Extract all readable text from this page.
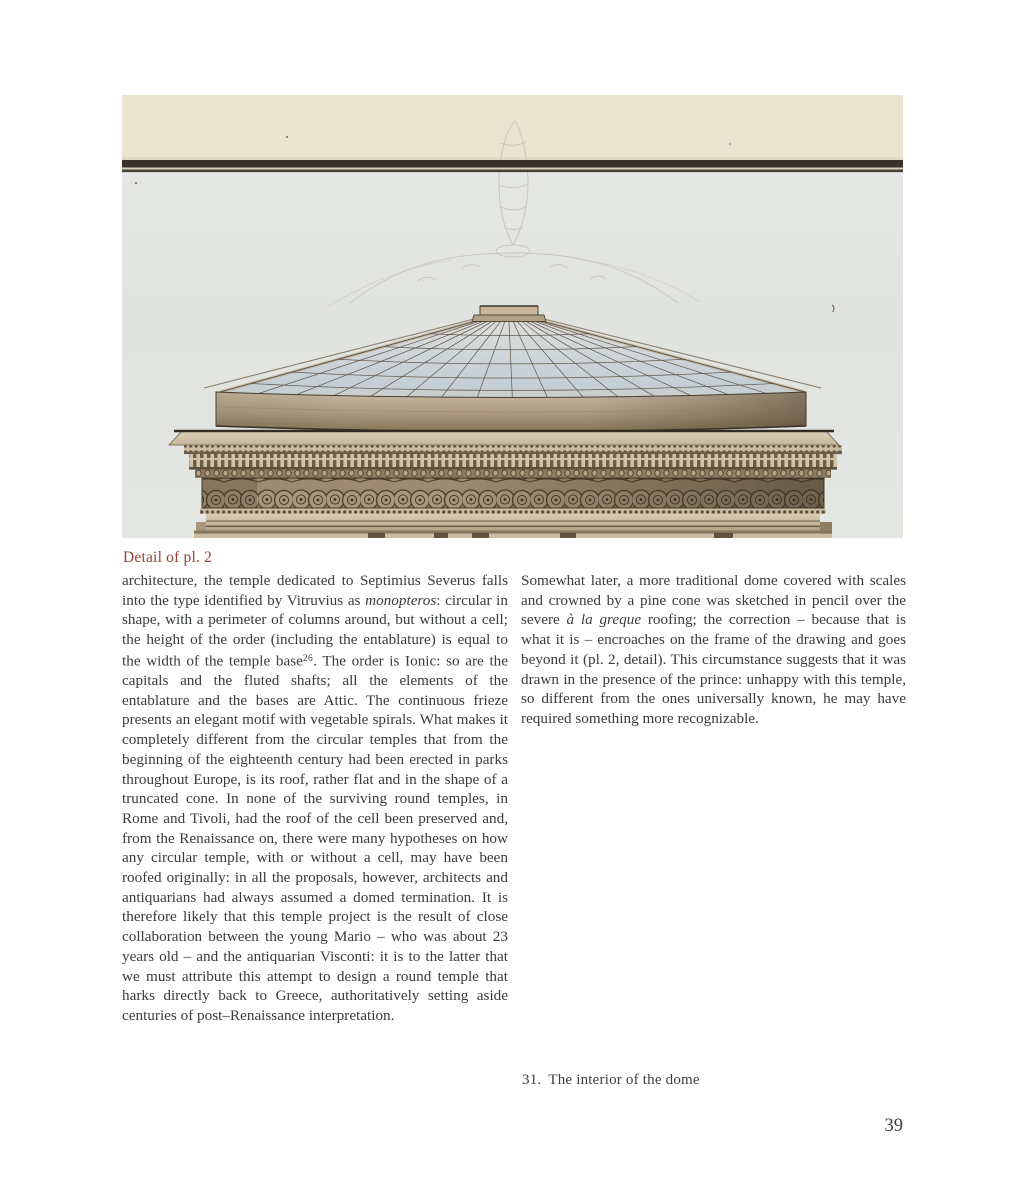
Detail of pl. 2

architecture, the temple dedicated to Septimius Severus falls into the type identified by Vitruvius as monopteros: circular in shape, with a perimeter of columns around, but without a cell; the height of the order (including the entablature) is equal to the width of the temple base$^{26}$. The order is Ionic: so are the capitals and the fluted shafts; all the elements of the entablature and the bases are Attic. The continuous frieze presents an elegant motif with vegetable spirals. What makes it completely different from the circular temples that from the beginning of the eighteenth century had been erected in parks throughout Europe, is its roof, rather flat and in the shape of a truncated cone. In none of the surviving round temples, in Rome and Tivoli, had the roof of the cell been preserved and, from the Renaissance on, there were many hypotheses on how any circular temple, with or without a cell, may have been roofed originally: in all the proposals, however, architects and antiquarians had always assumed a domed termination. It is therefore likely that this temple project is the result of close collaboration between the young Mario – who was about 23 years old – and the antiquarian Visconti: it is to the latter that we must attribute this attempt to design a round temple that harks directly back to Greece, authoritatively setting aside centuries of post–Renaissance interpretation.

Somewhat later, a more traditional dome covered with scales and crowned by a pine cone was sketched in pencil over the severe à la greque roofing; the correction – because that is what it is – encroaches on the frame of the drawing and goes beyond it (pl. 2, detail). This circumstance suggests that it was drawn in the presence of the prince: unhappy with this temple, so different from the ones universally known, he may have required something more recognizable.

31. The interior of the dome
39
